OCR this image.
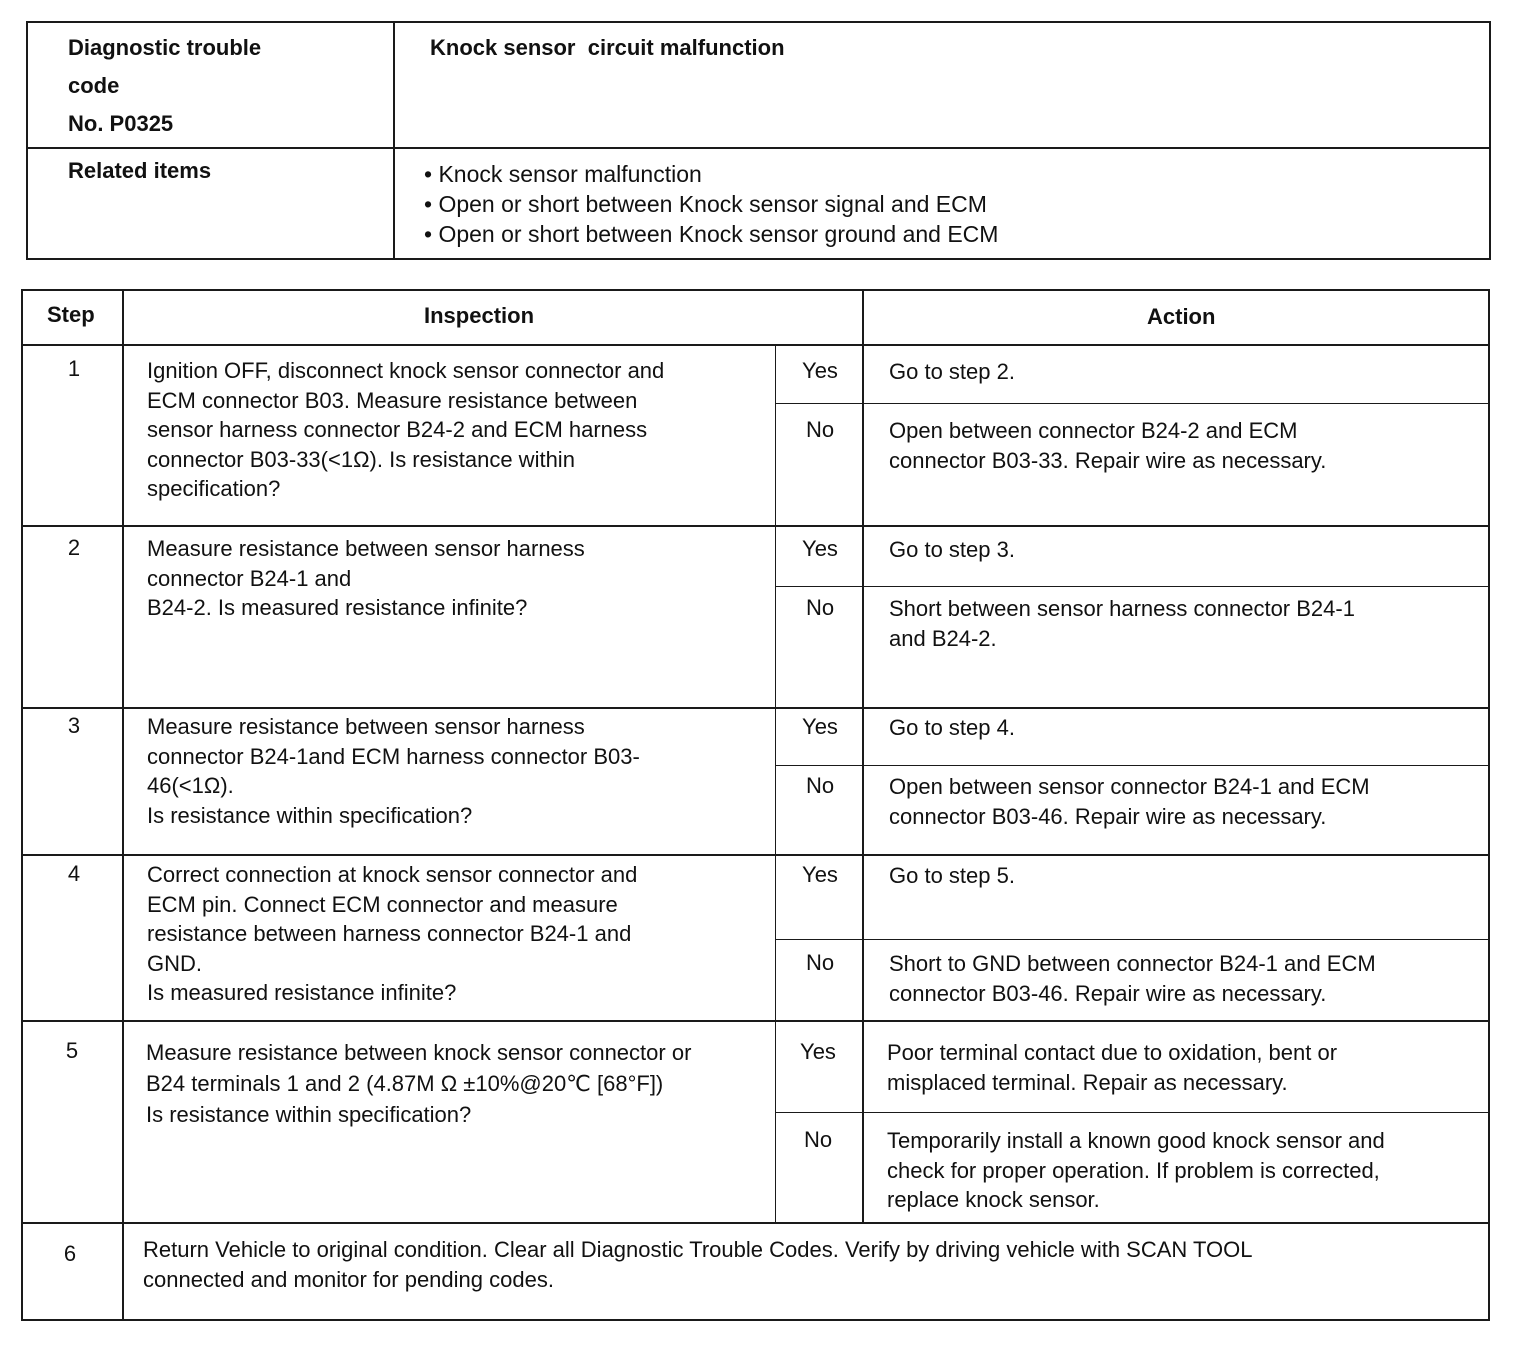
Diagnostic trouble
code
No. P0325
Knock sensor  circuit malfunction
Related items
•	Knock sensor malfunction
• Open or short between Knock sensor signal and ECM
• Open or short between Knock sensor ground and ECM
Step	Inspection	Action
1	Ignition OFF, disconnect knock sensor connector and
ECM connector B03. Measure resistance between
sensor harness connector B24-2 and ECM harness
connector B03-33(<1Ω). Is resistance within
specification?
Yes	Go to step 2.
No	Open between connector B24-2 and ECM
connector B03-33. Repair wire as necessary.
2	Measure resistance between sensor harness
connector B24-1 and
B24-2. Is measured resistance infinite?
Yes	Go to step 3.
No	Short between sensor harness connector B24-1
and B24-2.
3	Measure resistance between sensor harness
connector B24-1and ECM harness connector B03-
46(<1Ω).
Is resistance within specification?
Yes	Go to step 4.
No	Open between sensor connector B24-1 and ECM
connector B03-46. Repair wire as necessary.
4	Correct connection at knock sensor connector and
ECM pin. Connect ECM connector and measure
resistance between harness connector B24-1 and
GND.
Is measured resistance infinite?
Yes	Go to step 5.
No	Short to GND between connector B24-1 and ECM
connector B03-46. Repair wire as necessary.
5	Measure resistance between knock sensor connector or
B24 terminals 1 and 2 (4.87M Ω ±10%@20℃ [68°F])
Is resistance within specification?
Yes	Poor terminal contact due to oxidation, bent or
misplaced terminal. Repair as necessary.
No	Temporarily install a known good knock sensor and
check for proper operation. If problem is corrected,
replace knock sensor.
6	Return Vehicle to original condition. Clear all Diagnostic Trouble Codes. Verify by driving vehicle with SCAN TOOL
connected and monitor for pending codes.
